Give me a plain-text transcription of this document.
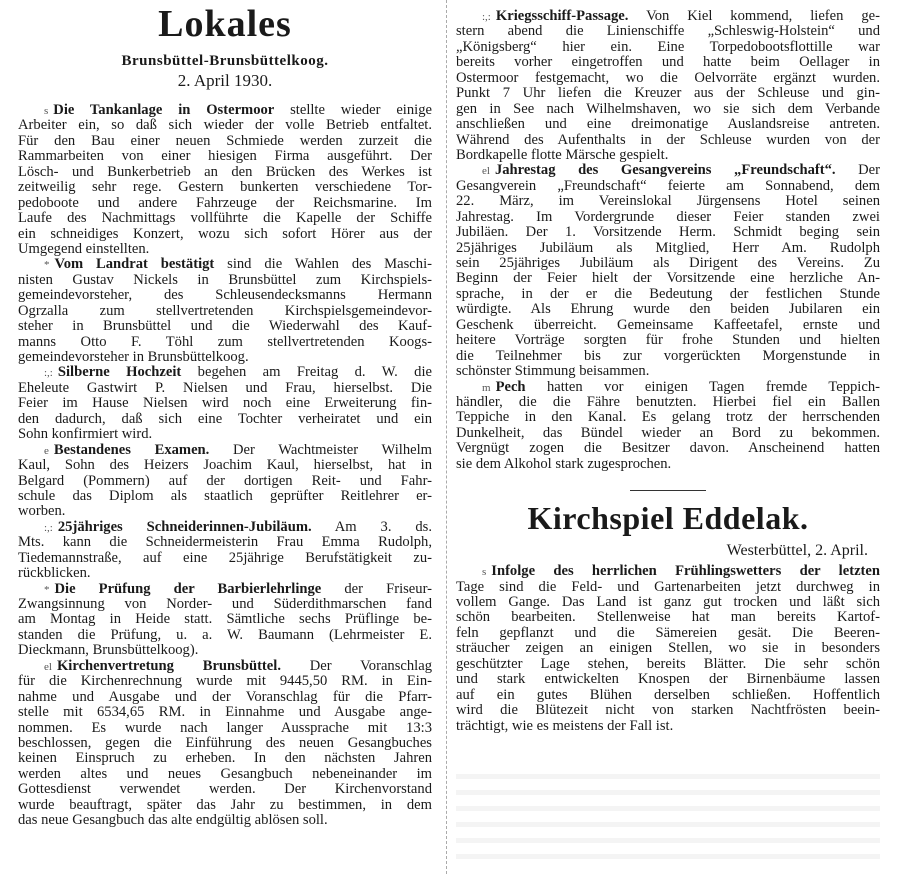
Lokales
Brunsbüttel-Brunsbüttelkoog.
2. April 1930.
s Die Tankanlage in Ostermoor stellte wieder einige
Arbeiter ein, so daß sich wieder der volle Betrieb entfaltet.
Für den Bau einer neuen Schmiede werden zurzeit die
Rammarbeiten von einer hiesigen Firma ausgeführt. Der
Lösch- und Bunkerbetrieb an den Brücken des Werkes ist
zeitweilig sehr rege. Gestern bunkerten verschiedene Tor-
pedoboote und andere Fahrzeuge der Reichsmarine. Im
Laufe des Nachmittags vollführte die Kapelle der Schiffe
ein schneidiges Konzert, wozu sich sofort Hörer aus der
Umgegend einstellten.
* Vom Landrat bestätigt sind die Wahlen des Maschi-
nisten Gustav Nickels in Brunsbüttel zum Kirchspiels-
gemeindevorsteher, des Schleusendecksmanns Hermann
Ogrzalla zum stellvertretenden Kirchspielsgemeindevor-
steher in Brunsbüttel und die Wiederwahl des Kauf-
manns Otto F. Töhl zum stellvertretenden Koogs-
gemeindevorsteher in Brunsbüttelkoog.
:,: Silberne Hochzeit begehen am Freitag d. W. die
Eheleute Gastwirt P. Nielsen und Frau, hierselbst. Die
Feier im Hause Nielsen wird noch eine Erweiterung fin-
den dadurch, daß sich eine Tochter verheiratet und ein
Sohn konfirmiert wird.
e Bestandenes Examen. Der Wachtmeister Wilhelm
Kaul, Sohn des Heizers Joachim Kaul, hierselbst, hat in
Belgard (Pommern) auf der dortigen Reit- und Fahr-
schule das Diplom als staatlich geprüfter Reitlehrer er-
worben.
:,: 25jähriges Schneiderinnen-Jubiläum. Am 3. ds.
Mts. kann die Schneidermeisterin Frau Emma Rudolph,
Tiedemannstraße, auf eine 25jährige Berufstätigkeit zu-
rückblicken.
* Die Prüfung der Barbierlehrlinge der Friseur-
Zwangsinnung von Norder- und Süderdithmarschen fand
am Montag in Heide statt. Sämtliche sechs Prüflinge be-
standen die Prüfung, u. a. W. Baumann (Lehrmeister E.
Dieckmann, Brunsbüttelkoog).
el Kirchenvertretung Brunsbüttel. Der Voranschlag
für die Kirchenrechnung wurde mit 9445,50 RM. in Ein-
nahme und Ausgabe und der Voranschlag für die Pfarr-
stelle mit 6534,65 RM. in Einnahme und Ausgabe ange-
nommen. Es wurde nach langer Aussprache mit 13:3
beschlossen, gegen die Einführung des neuen Gesangbuches
keinen Einspruch zu erheben. In den nächsten Jahren
werden altes und neues Gesangbuch nebeneinander im
Gottesdienst verwendet werden. Der Kirchenvorstand
wurde beauftragt, später das Jahr zu bestimmen, in dem
das neue Gesangbuch das alte endgültig ablösen soll.
:,: Kriegsschiff-Passage. Von Kiel kommend, liefen ge-
stern abend die Linienschiffe „Schleswig-Holstein“ und
„Königsberg“ hier ein. Eine Torpedobootsflottille war
bereits vorher eingetroffen und hatte beim Oellager in
Ostermoor festgemacht, wo die Oelvorräte ergänzt wurden.
Punkt 7 Uhr liefen die Kreuzer aus der Schleuse und gin-
gen in See nach Wilhelmshaven, wo sie sich dem Verbande
anschließen und eine dreimonatige Auslandsreise antreten.
Während des Aufenthalts in der Schleuse wurden von der
Bordkapelle flotte Märsche gespielt.
el Jahrestag des Gesangvereins „Freundschaft“. Der
Gesangverein „Freundschaft“ feierte am Sonnabend, dem
22. März, im Vereinslokal Jürgensens Hotel seinen
Jahrestag. Im Vordergrunde dieser Feier standen zwei
Jubiläen. Der 1. Vorsitzende Herm. Schmidt beging sein
25jähriges Jubiläum als Mitglied, Herr Am. Rudolph
sein 25jähriges Jubiläum als Dirigent des Vereins. Zu
Beginn der Feier hielt der Vorsitzende eine herzliche An-
sprache, in der er die Bedeutung der festlichen Stunde
würdigte. Als Ehrung wurde den beiden Jubilaren ein
Geschenk überreicht. Gemeinsame Kaffeetafel, ernste und
heitere Vorträge sorgten für frohe Stunden und hielten
die Teilnehmer bis zur vorgerückten Morgenstunde in
schönster Stimmung beisammen.
m Pech hatten vor einigen Tagen fremde Teppich-
händler, die die Fähre benutzten. Hierbei fiel ein Ballen
Teppiche in den Kanal. Es gelang trotz der herrschenden
Dunkelheit, das Bündel wieder an Bord zu bekommen.
Vergnügt zogen die Besitzer davon. Anscheinend hatten
sie dem Alkohol stark zugesprochen.
Kirchspiel Eddelak.
Westerbüttel, 2. April.
s Infolge des herrlichen Frühlingswetters der letzten
Tage sind die Feld- und Gartenarbeiten jetzt durchweg in
vollem Gange. Das Land ist ganz gut trocken und läßt sich
schön bearbeiten. Stellenweise hat man bereits Kartof-
feln gepflanzt und die Sämereien gesät. Die Beeren-
sträucher zeigen an einigen Stellen, wo sie in besonders
geschützter Lage stehen, bereits Blätter. Die sehr schön
und stark entwickelten Knospen der Birnenbäume lassen
auf ein gutes Blühen derselben schließen. Hoffentlich
wird die Blütezeit nicht von starken Nachtfrösten beein-
trächtigt, wie es meistens der Fall ist.
